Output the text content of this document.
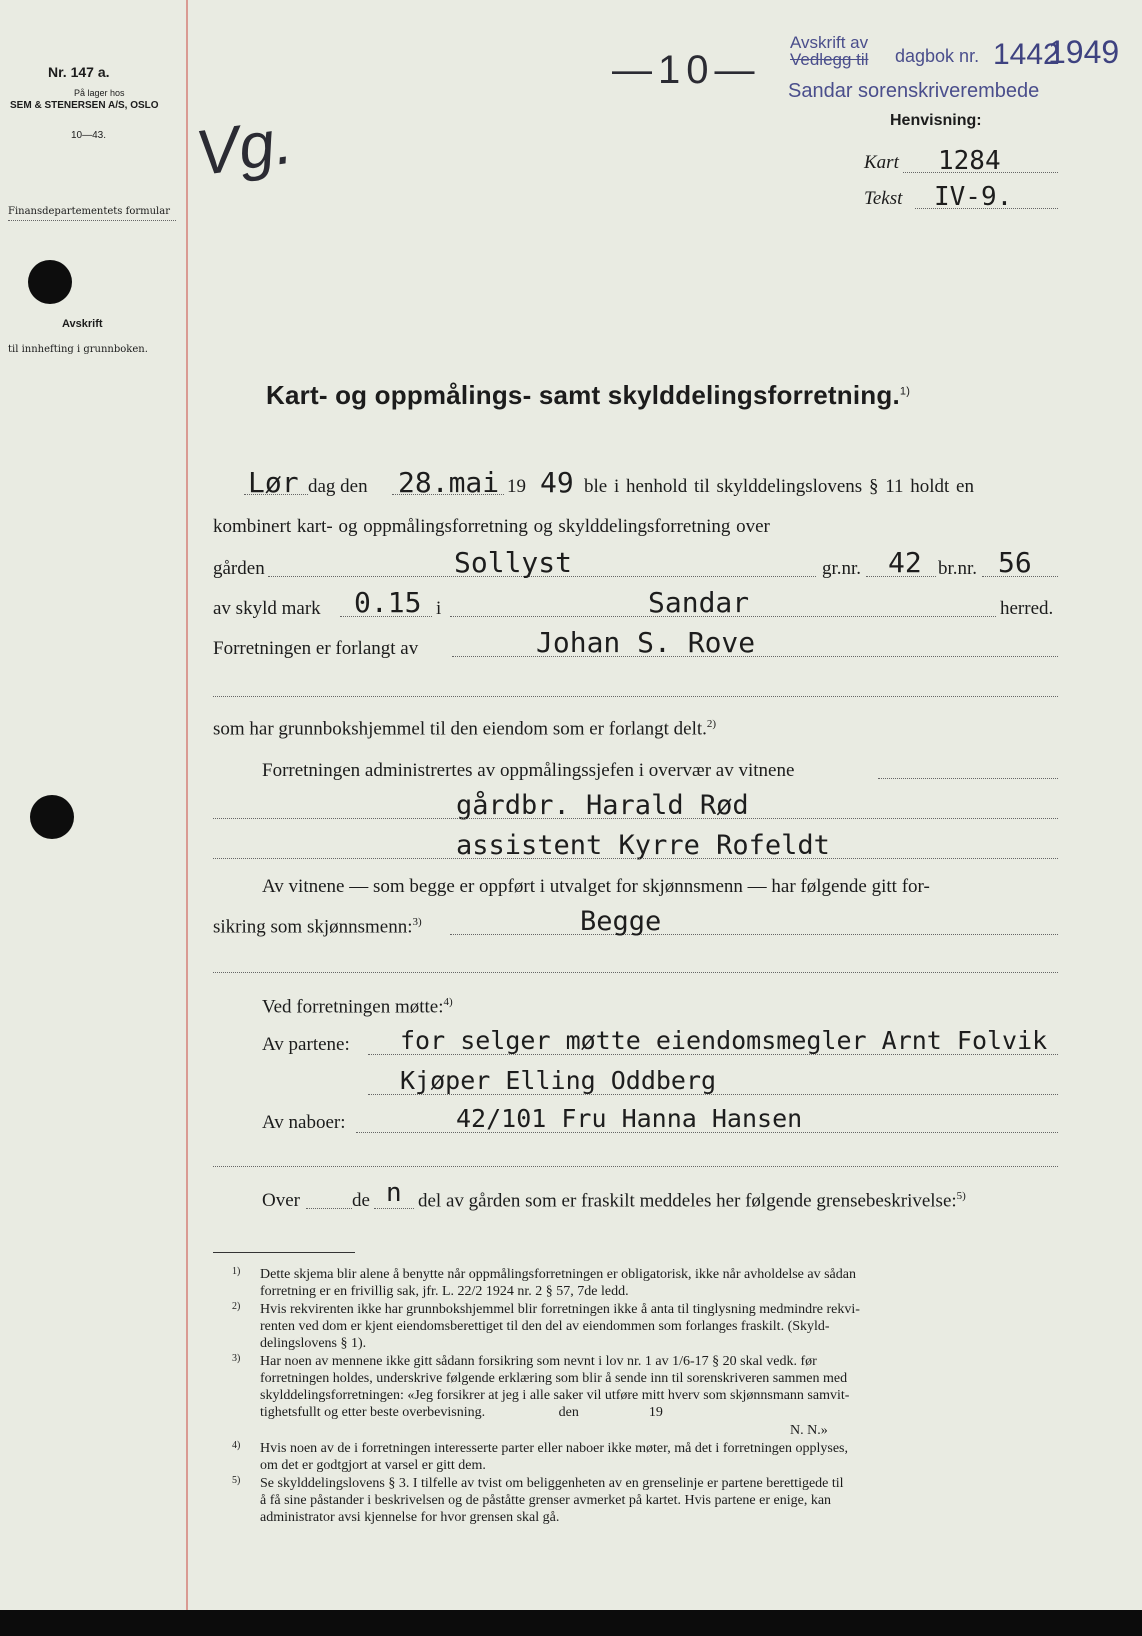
Nr. 147 a.
På lager hos
SEM & STENERSEN A/S, OSLO
10—43.
Finansdepartementets formular
Avskrift
til innhefting i grunnboken.
—10—
Vg.
Avskrift av

Vedlegg til dagbok nr. 1442
1949
Sandar sorenskriverembede
Henvisning:
Kart 1284
Tekst IV-9.
Kart- og oppmålings- samt skylddelingsforretning.$^{1)}$
Lør dag den 28.mai 19 49 ble i henhold til skylddelingslovens § 11 holdt en
kombinert kart- og oppmålingsforretning og skylddelingsforretning over
gården	Sollyst	gr.nr. 42 br.nr. 56
av skyld mark 0.15 i	Sandar	herred.
Forretningen er forlangt av	Johan S. Rove
som har grunnbokshjemmel til den eiendom som er forlangt delt.$^{2)}$
Forretningen administrertes av oppmålingssjefen i overvær av vitnene
gårdbr. Harald Rød
assistent Kyrre Rofeldt
Av vitnene — som begge er oppført i utvalget for skjønnsmenn — har følgende gitt for-
sikring som skjønnsmenn:$^{3)}$	Begge
Ved forretningen møtte:$^{4)}$
Av partene: for selger møtte eiendomsmegler Arnt Folvik
Kjøper Elling Oddberg
Av naboer:	42/101 Fru Hanna Hansen
Over	de n del av gården som er fraskilt meddeles her følgende grensebeskrivelse:$^{5)}$
1) Dette skjema blir alene å benytte når oppmålingsforretningen er obligatorisk, ikke når avholdelse av sådan
forretning er en frivillig sak, jfr. L. 22/2 1924 nr. 2 § 57, 7de ledd.
2) Hvis rekvirenten ikke har grunnbokshjemmel blir forretningen ikke å anta til tinglysning medmindre rekvi-
renten ved dom er kjent eiendomsberettiget til den del av eiendommen som forlanges fraskilt. (Skyld-
delingslovens § 1).
3) Har noen av mennene ikke gitt sådann forsikring som nevnt i lov nr. 1 av 1/6-17 § 20 skal vedk. før
forretningen holdes, underskrive følgende erklæring som blir å sende inn til sorenskriveren sammen med
skylddelingsforretningen: «Jeg forsikrer at jeg i alle saker vil utføre mitt hverv som skjønnsmann samvit-
tighetsfullt og etter beste overbevisning.                     den                    19
N. N.»
4) Hvis noen av de i forretningen interesserte parter eller naboer ikke møter, må det i forretningen opplyses,
om det er godtgjort at varsel er gitt dem.
5) Se skylddelingslovens § 3. I tilfelle av tvist om beliggenheten av en grenselinje er partene berettigede til
å få sine påstander i beskrivelsen og de påståtte grenser avmerket på kartet. Hvis partene er enige, kan
administrator avsi kjennelse for hvor grensen skal gå.
